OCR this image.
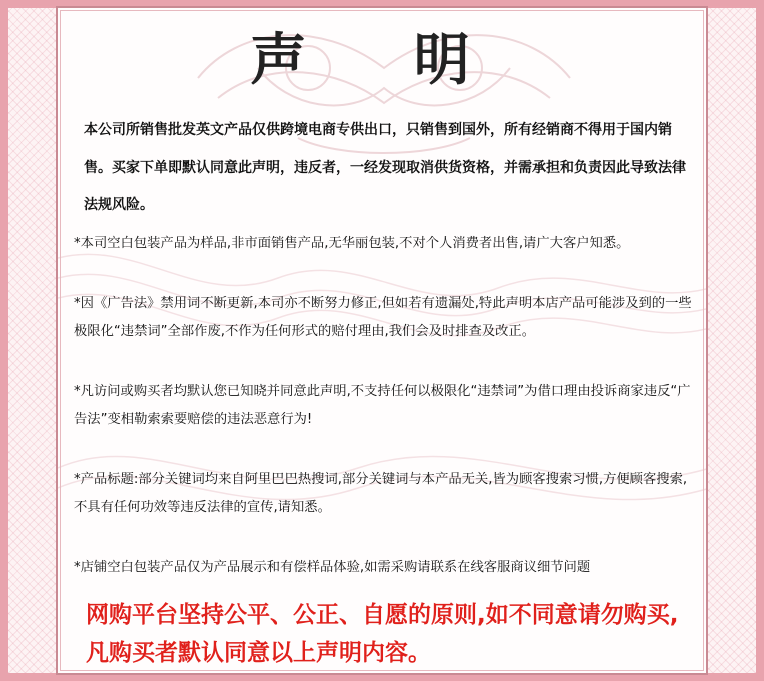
声 明

本公司所销售批发英文产品仅供跨境电商专供出口，只销售到国外，所有经销商不得用于国内销售。买家下单即默认同意此声明，违反者，一经发现取消供货资格，并需承担和负责因此导致法律法规风险。

*本司空白包装产品为样品,非市面销售产品,无华丽包装,不对个人消费者出售,请广大客户知悉。

*因《广告法》禁用词不断更新,本司亦不断努力修正,但如若有遗漏处,特此声明本店产品可能涉及到的一些极限化“违禁词”全部作废,不作为任何形式的赔付理由,我们会及时排查及改正。

*凡访问或购买者均默认您已知晓并同意此声明,不支持任何以极限化“违禁词”为借口理由投诉商家违反“广告法”变相勒索索要赔偿的违法恶意行为!

*产品标题:部分关键词均来自阿里巴巴热搜词,部分关键词与本产品无关,皆为顾客搜索习惯,方便顾客搜索,不具有任何功效等违反法律的宣传,请知悉。

*店铺空白包装产品仅为产品展示和有偿样品体验,如需采购请联系在线客服商议细节问题

网购平台坚持公平、公正、自愿的原则,如不同意请勿购买,凡购买者默认同意以上声明内容。
